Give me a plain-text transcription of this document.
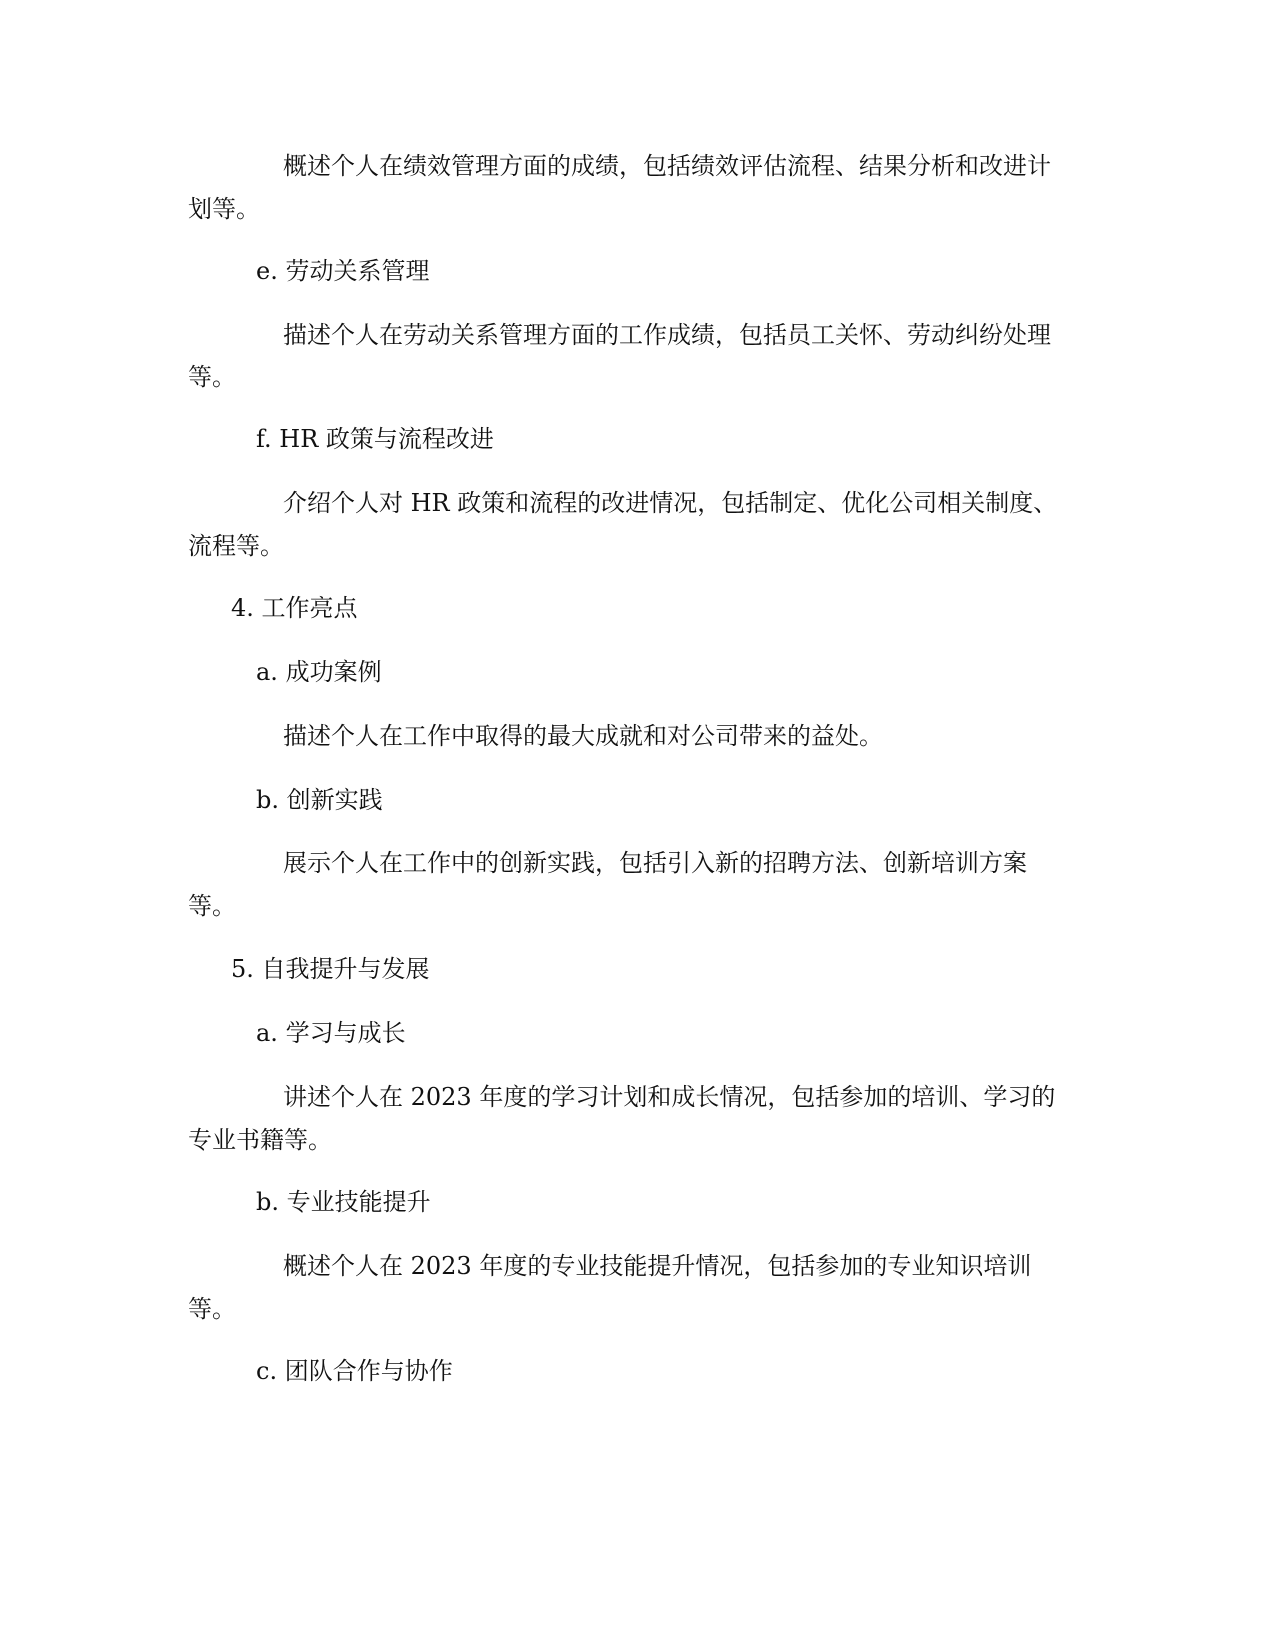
概述个人在绩效管理方面的成绩，包括绩效评估流程、结果分析和改进计

划等。

e. 劳动关系管理

描述个人在劳动关系管理方面的工作成绩，包括员工关怀、劳动纠纷处理

等。

f. HR 政策与流程改进

介绍个人对 HR 政策和流程的改进情况，包括制定、优化公司相关制度、

流程等。

4. 工作亮点

a. 成功案例

描述个人在工作中取得的最大成就和对公司带来的益处。

b. 创新实践

展示个人在工作中的创新实践，包括引入新的招聘方法、创新培训方案

等。

5. 自我提升与发展

a. 学习与成长

讲述个人在 2023 年度的学习计划和成长情况，包括参加的培训、学习的

专业书籍等。

b. 专业技能提升

概述个人在 2023 年度的专业技能提升情况，包括参加的专业知识培训

等。

c. 团队合作与协作
